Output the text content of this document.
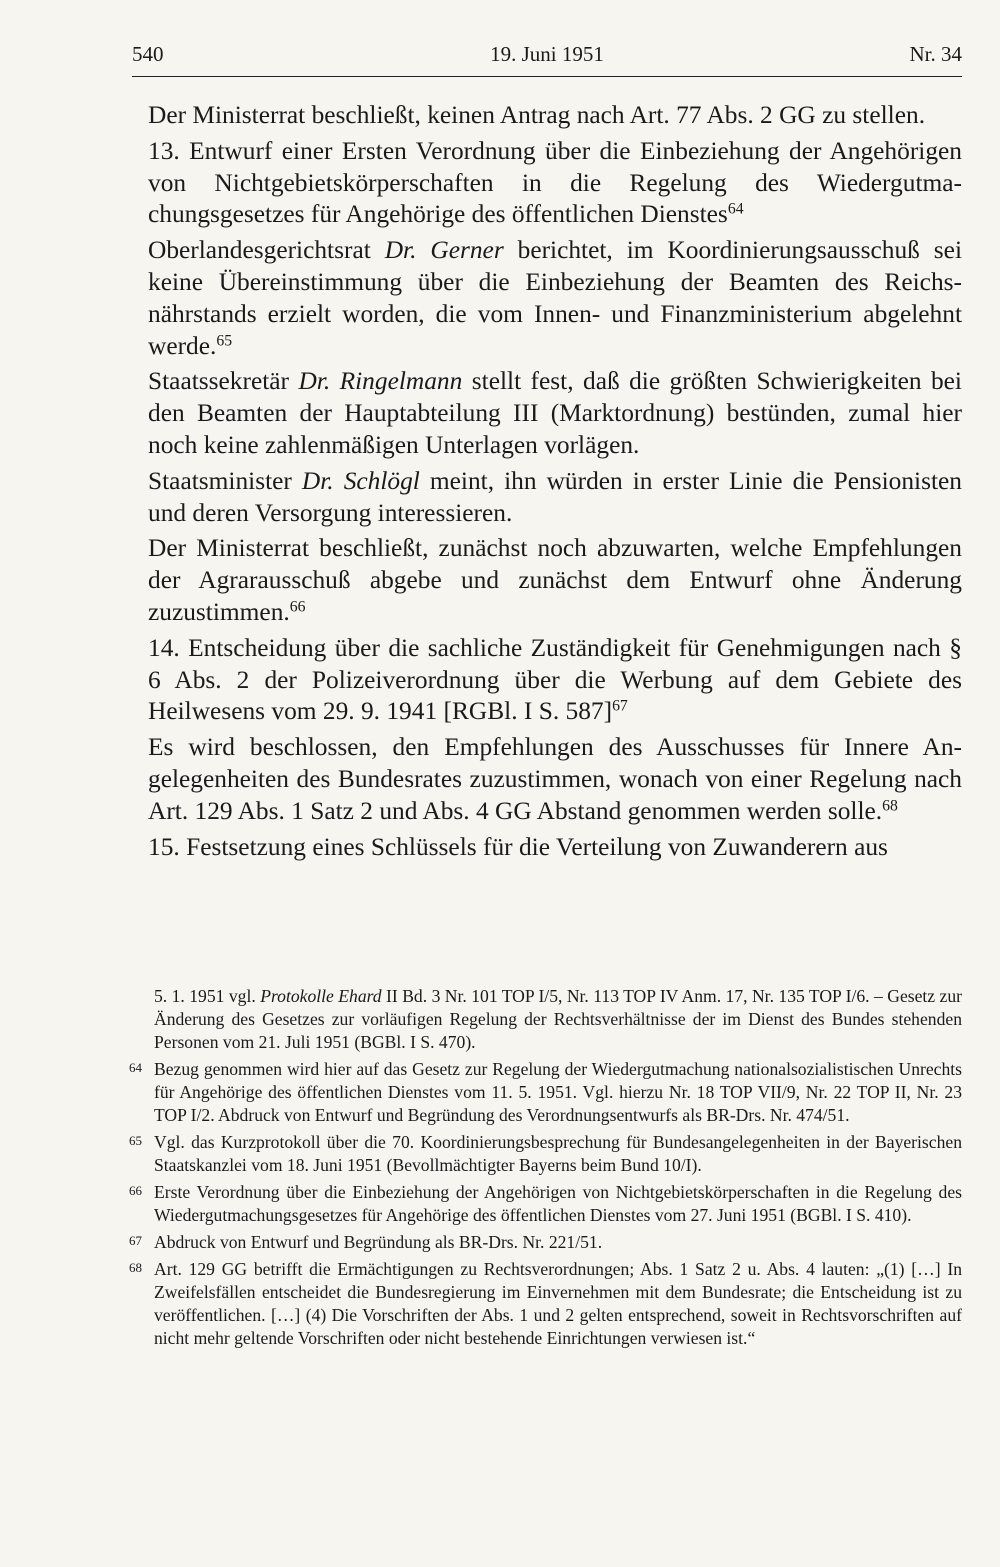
540	19. Juni 1951	Nr. 34

Der Ministerrat beschließt, keinen Antrag nach Art. 77 Abs. 2 GG zu stellen.

13. Entwurf einer Ersten Verordnung über die Einbeziehung der Angehörigen von Nichtgebietskörperschaften in die Regelung des Wiedergutmachungsgesetzes für Angehörige des öffentlichen Dienstes$^{64}$

Oberlandesgerichtsrat Dr. Gerner berichtet, im Koordinierungsausschuß sei keine Übereinstimmung über die Einbeziehung der Beamten des Reichsnährstands erzielt worden, die vom Innen- und Finanzministerium abgelehnt werde.$^{65}$

Staatssekretär Dr. Ringelmann stellt fest, daß die größten Schwierigkeiten bei den Beamten der Hauptabteilung III (Marktordnung) bestünden, zumal hier noch keine zahlenmäßigen Unterlagen vorlägen.

Staatsminister Dr. Schlögl meint, ihn würden in erster Linie die Pensionisten und deren Versorgung interessieren.

Der Ministerrat beschließt, zunächst noch abzuwarten, welche Empfehlungen der Agrarausschuß abgebe und zunächst dem Entwurf ohne Änderung zuzustimmen.$^{66}$

14. Entscheidung über die sachliche Zuständigkeit für Genehmigungen nach § 6 Abs. 2 der Polizeiverordnung über die Werbung auf dem Gebiete des Heilwesens vom 29. 9. 1941 [RGBl. I S. 587]$^{67}$

Es wird beschlossen, den Empfehlungen des Ausschusses für Innere Angelegenheiten des Bundesrates zuzustimmen, wonach von einer Regelung nach Art. 129 Abs. 1 Satz 2 und Abs. 4 GG Abstand genommen werden solle.$^{68}$

15. Festsetzung eines Schlüssels für die Verteilung von Zuwanderern aus

5. 1. 1951 vgl. Protokolle Ehard II Bd. 3 Nr. 101 TOP I/5, Nr. 113 TOP IV Anm. 17, Nr. 135 TOP I/6. – Gesetz zur Änderung des Gesetzes zur vorläufigen Regelung der Rechtsverhältnisse der im Dienst des Bundes stehenden Personen vom 21. Juli 1951 (BGBl. I S. 470).

64 Bezug genommen wird hier auf das Gesetz zur Regelung der Wiedergutmachung nationalsozialistischen Unrechts für Angehörige des öffentlichen Dienstes vom 11. 5. 1951. Vgl. hierzu Nr. 18 TOP VII/9, Nr. 22 TOP II, Nr. 23 TOP I/2. Abdruck von Entwurf und Begründung des Verordnungsentwurfs als BR-Drs. Nr. 474/51.

65 Vgl. das Kurzprotokoll über die 70. Koordinierungsbesprechung für Bundesangelegenheiten in der Bayerischen Staatskanzlei vom 18. Juni 1951 (Bevollmächtigter Bayerns beim Bund 10/I).

66 Erste Verordnung über die Einbeziehung der Angehörigen von Nichtgebietskörperschaften in die Regelung des Wiedergutmachungsgesetzes für Angehörige des öffentlichen Dienstes vom 27. Juni 1951 (BGBl. I S. 410).

67 Abdruck von Entwurf und Begründung als BR-Drs. Nr. 221/51.

68 Art. 129 GG betrifft die Ermächtigungen zu Rechtsverordnungen; Abs. 1 Satz 2 u. Abs. 4 lauten: „(1) […] In Zweifelsfällen entscheidet die Bundesregierung im Einvernehmen mit dem Bundesrate; die Entscheidung ist zu veröffentlichen. […] (4) Die Vorschriften der Abs. 1 und 2 gelten entsprechend, soweit in Rechtsvorschriften auf nicht mehr geltende Vorschriften oder nicht bestehende Einrichtungen verwiesen ist.“
